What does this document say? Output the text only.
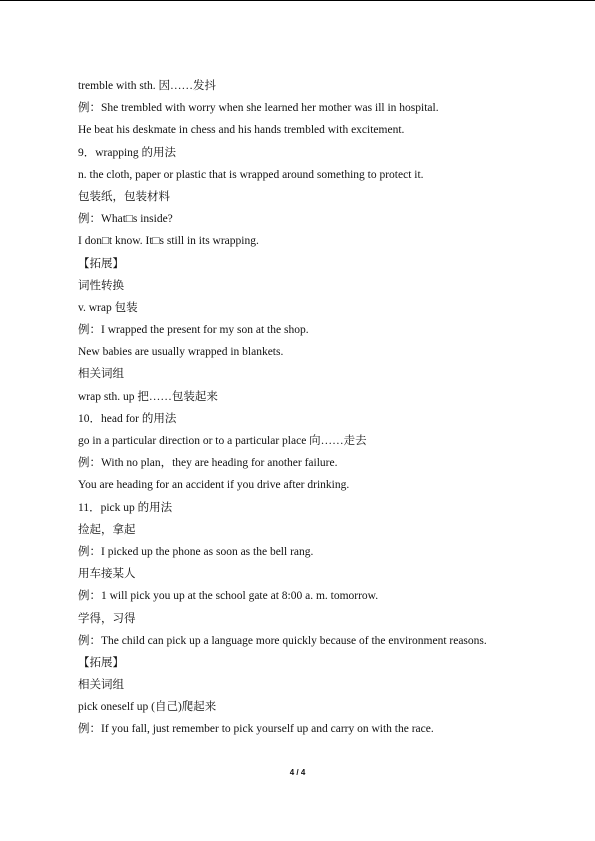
tremble with sth. 因……发抖
例：She trembled with worry when she learned her mother was ill in hospital.
He beat his deskmate in chess and his hands trembled with excitement.
9．wrapping 的用法
n. the cloth, paper or plastic that is wrapped around something to protect it.
包装纸，包装材料
例：What□s inside?
I don□t know. It□s still in its wrapping.
【拓展】
词性转换
v. wrap 包装
例：I wrapped the present for my son at the shop.
New babies are usually wrapped in blankets.
相关词组
wrap sth. up 把……包装起来
10．head for 的用法
go in a particular direction or to a particular place 向……走去
例：With no plan，they are heading for another failure.
You are heading for an accident if you drive after drinking.
11．pick up 的用法
捡起，拿起
例：I picked up the phone as soon as the bell rang.
用车接某人
例：1 will pick you up at the school gate at 8:00 a. m. tomorrow.
学得，习得
例：The child can pick up a language more quickly because of the environment reasons.
【拓展】
相关词组
pick oneself up (自己)爬起来
例：If you fall, just remember to pick yourself up and carry on with the race.
4 / 4
